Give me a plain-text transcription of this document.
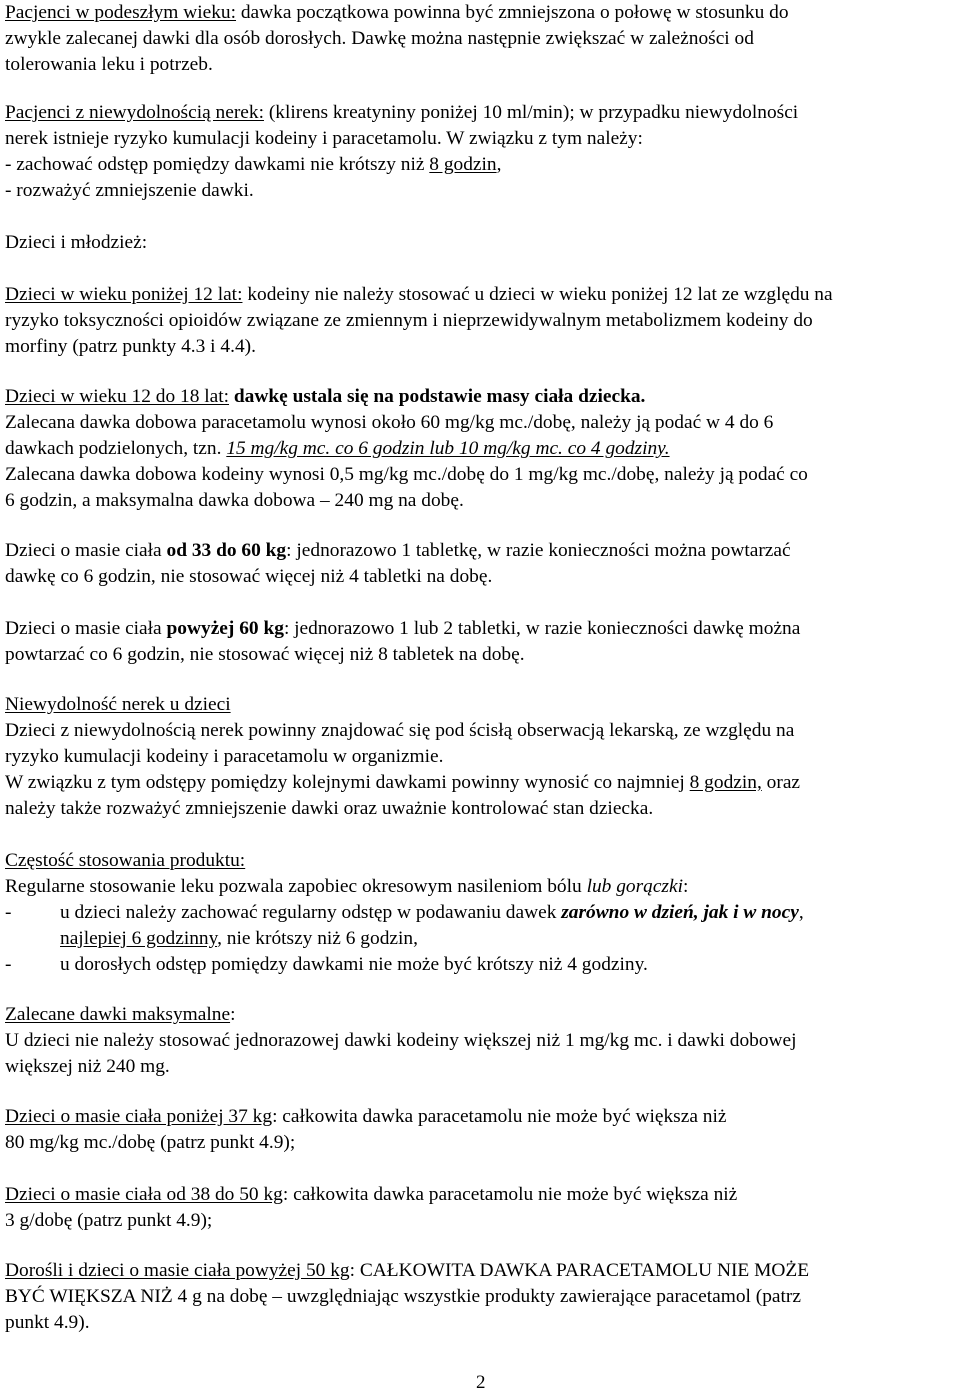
Pacjenci w podeszłym wieku: dawka początkowa powinna być zmniejszona o połowę w stosunku do

zwykle zalecanej dawki dla osób dorosłych. Dawkę można następnie zwiększać w zależności od

tolerowania leku i potrzeb.

Pacjenci z niewydolnością nerek: (klirens kreatyniny poniżej 10 ml/min); w przypadku niewydolności

nerek istnieje ryzyko kumulacji kodeiny i paracetamolu. W związku z tym należy:

- zachować odstęp pomiędzy dawkami nie krótszy niż 8 godzin,

- rozważyć zmniejszenie dawki.

Dzieci i młodzież:

Dzieci w wieku poniżej 12 lat: kodeiny nie należy stosować u dzieci w wieku poniżej 12 lat ze względu na

ryzyko toksyczności opioidów związane ze zmiennym i nieprzewidywalnym metabolizmem kodeiny do

morfiny (patrz punkty 4.3 i 4.4).

Dzieci w wieku 12 do 18 lat: dawkę ustala się na podstawie masy ciała dziecka.

Zalecana dawka dobowa paracetamolu wynosi około 60 mg/kg mc./dobę, należy ją podać w 4 do 6

dawkach podzielonych, tzn. 15 mg/kg mc. co 6 godzin lub 10 mg/kg mc. co 4 godziny.

Zalecana dawka dobowa kodeiny wynosi 0,5 mg/kg mc./dobę do 1 mg/kg mc./dobę, należy ją podać co

6 godzin, a maksymalna dawka dobowa – 240 mg na dobę.

Dzieci o masie ciała od 33 do 60 kg: jednorazowo 1 tabletkę, w razie konieczności można powtarzać

dawkę co 6 godzin, nie stosować więcej niż 4 tabletki na dobę.

Dzieci o masie ciała powyżej 60 kg: jednorazowo 1 lub 2 tabletki, w razie konieczności dawkę można

powtarzać co 6 godzin, nie stosować więcej niż 8 tabletek na dobę.

Niewydolność nerek u dzieci

Dzieci z niewydolnością nerek powinny znajdować się pod ścisłą obserwacją lekarską, ze względu na

ryzyko kumulacji kodeiny i paracetamolu w organizmie.

W związku z tym odstępy pomiędzy kolejnymi dawkami powinny wynosić co najmniej 8 godzin, oraz

należy także rozważyć zmniejszenie dawki oraz uważnie kontrolować stan dziecka.

Częstość stosowania produktu:

Regularne stosowanie leku pozwala zapobiec okresowym nasileniom bólu lub gorączki:

-	u dzieci należy zachować regularny odstęp w podawaniu dawek zarówno w dzień, jak i w nocy,

najlepiej 6 godzinny, nie krótszy niż 6 godzin,

-	u dorosłych odstęp pomiędzy dawkami nie może być krótszy niż 4 godziny.

Zalecane dawki maksymalne:

U dzieci nie należy stosować jednorazowej dawki kodeiny większej niż 1 mg/kg mc. i dawki dobowej

większej niż 240 mg.

Dzieci o masie ciała poniżej 37 kg: całkowita dawka paracetamolu nie może być większa niż

80 mg/kg mc./dobę (patrz punkt 4.9);

Dzieci o masie ciała od 38 do 50 kg: całkowita dawka paracetamolu nie może być większa niż

3 g/dobę (patrz punkt 4.9);

Dorośli i dzieci o masie ciała powyżej 50 kg: CAŁKOWITA DAWKA PARACETAMOLU NIE MOŻE

BYĆ WIĘKSZA NIŻ 4 g na dobę – uwzględniając wszystkie produkty zawierające paracetamol (patrz

punkt 4.9).

2
